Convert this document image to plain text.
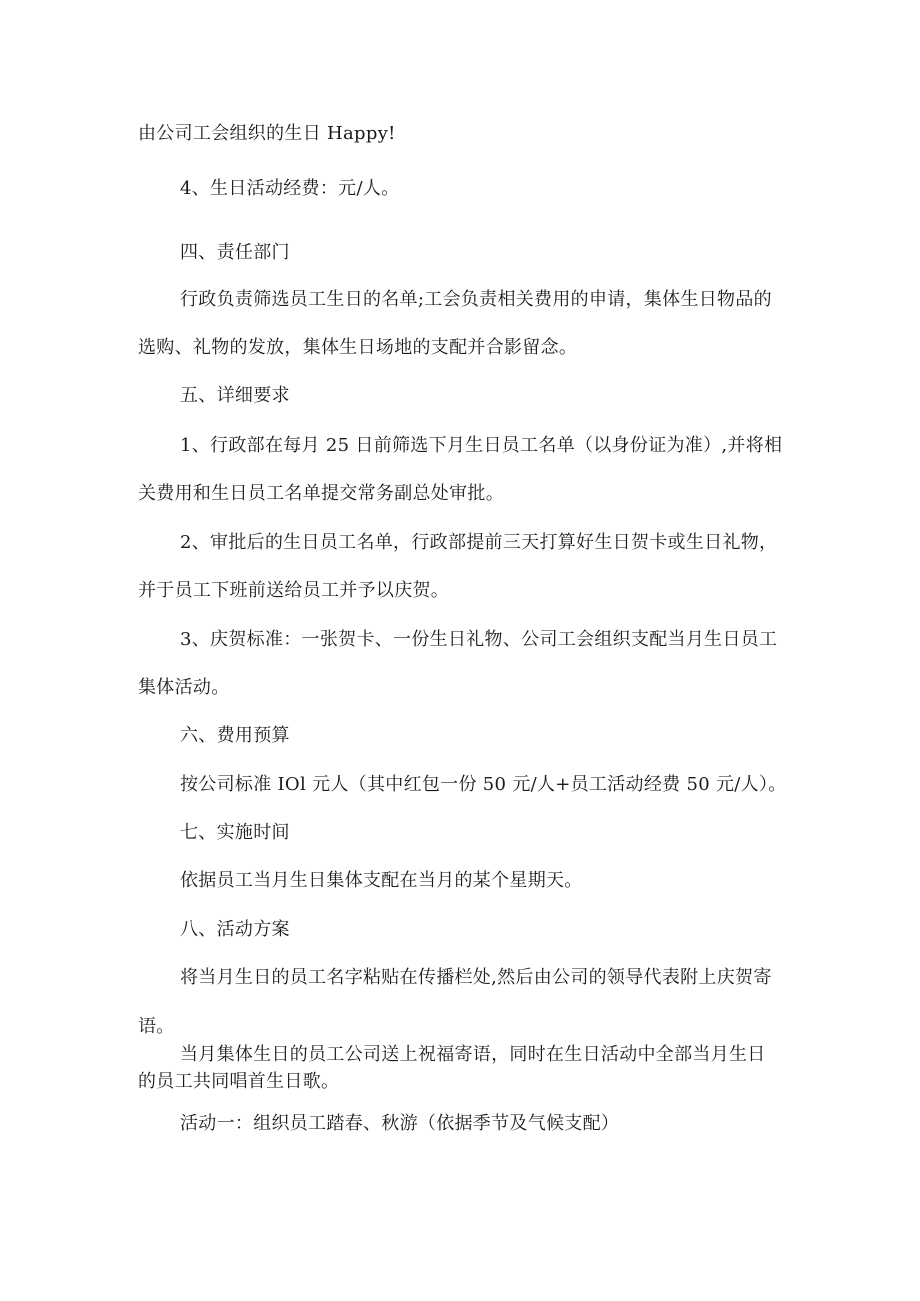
由公司工会组织的生日 Happy!
4、生日活动经费：元/人。
四、责任部门
行政负责筛选员工生日的名单;工会负责相关费用的申请，集体生日物品的
选购、礼物的发放，集体生日场地的支配并合影留念。
五、详细要求
1、行政部在每月 25 日前筛选下月生日员工名单（以身份证为准）,并将相
关费用和生日员工名单提交常务副总处审批。
2、审批后的生日员工名单，行政部提前三天打算好生日贺卡或生日礼物，
并于员工下班前送给员工并予以庆贺。
3、庆贺标准：一张贺卡、一份生日礼物、公司工会组织支配当月生日员工
集体活动。
六、费用预算
按公司标准 IOl 元人（其中红包一份 50 元/人+员工活动经费 50 元/人）。
七、实施时间
依据员工当月生日集体支配在当月的某个星期天。
八、活动方案
将当月生日的员工名字粘贴在传播栏处,然后由公司的领导代表附上庆贺寄
语。
当月集体生日的员工公司送上祝福寄语，同时在生日活动中全部当月生日
的员工共同唱首生日歌。
活动一：组织员工踏春、秋游（依据季节及气候支配）
